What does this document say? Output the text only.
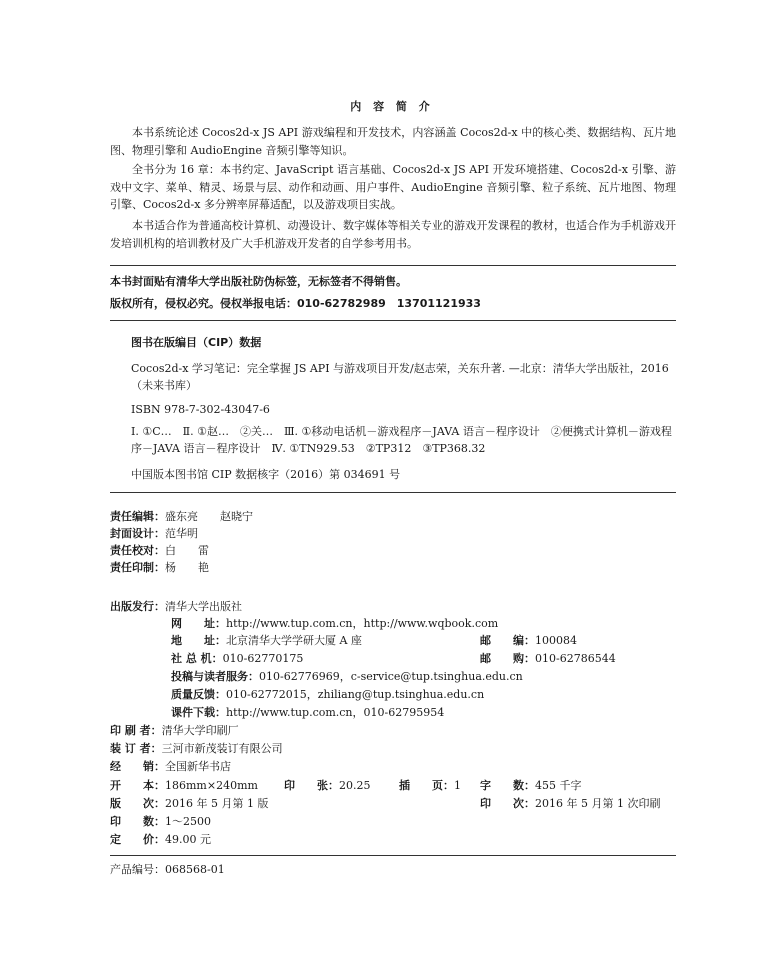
内 容 简 介
本书系统论述 Cocos2d-x JS API 游戏编程和开发技术，内容涵盖 Cocos2d-x 中的核心类、数据结构、瓦片地图、物理引擎和 AudioEngine 音频引擎等知识。
全书分为 16 章：本书约定、JavaScript 语言基础、Cocos2d-x JS API 开发环境搭建、Cocos2d-x 引擎、游戏中文字、菜单、精灵、场景与层、动作和动画、用户事件、AudioEngine 音频引擎、粒子系统、瓦片地图、物理引擎、Cocos2d-x 多分辨率屏幕适配，以及游戏项目实战。
本书适合作为普通高校计算机、动漫设计、数字媒体等相关专业的游戏开发课程的教材，也适合作为手机游戏开发培训机构的培训教材及广大手机游戏开发者的自学参考用书。
本书封面贴有清华大学出版社防伪标签，无标签者不得销售。
版权所有，侵权必究。侵权举报电话：010-62782989　13701121933
图书在版编目（CIP）数据
Cocos2d-x 学习笔记：完全掌握 JS API 与游戏项目开发/赵志荣，关东升著. —北京：清华大学出版社，2016
（未来书库）
ISBN 978-7-302-43047-6
Ⅰ. ①C…　Ⅱ. ①赵…　②关…　Ⅲ. ①移动电话机－游戏程序－JAVA 语言－程序设计　②便携式计算机－游戏程序－JAVA 语言－程序设计　Ⅳ. ①TN929.53　②TP312　③TP368.32
中国版本图书馆 CIP 数据核字（2016）第 034691 号
责任编辑：盛东亮　　赵晓宁
封面设计：范华明
责任校对：白　　雷
责任印制：杨　　艳
出版发行：清华大学出版社
网　　址：http://www.tup.com.cn，http://www.wqbook.com
地　　址：北京清华大学学研大厦 A 座	邮　　编：100084
社 总 机：010-62770175	邮　　购：010-62786544
投稿与读者服务：010-62776969，c-service@tup.tsinghua.edu.cn
质量反馈：010-62772015，zhiliang@tup.tsinghua.edu.cn
课件下载：http://www.tup.com.cn，010-62795954
印 刷 者：清华大学印刷厂
装 订 者：三河市新茂装订有限公司
经　　销：全国新华书店
开　　本：186mm×240mm 印　　张：20.25	插　　页：1 字　　数：455 千字
版　　次：2016 年 5 月第 1 版	印　　次：2016 年 5 月第 1 次印刷
印　　数：1～2500
定　　价：49.00 元
产品编号：068568-01
